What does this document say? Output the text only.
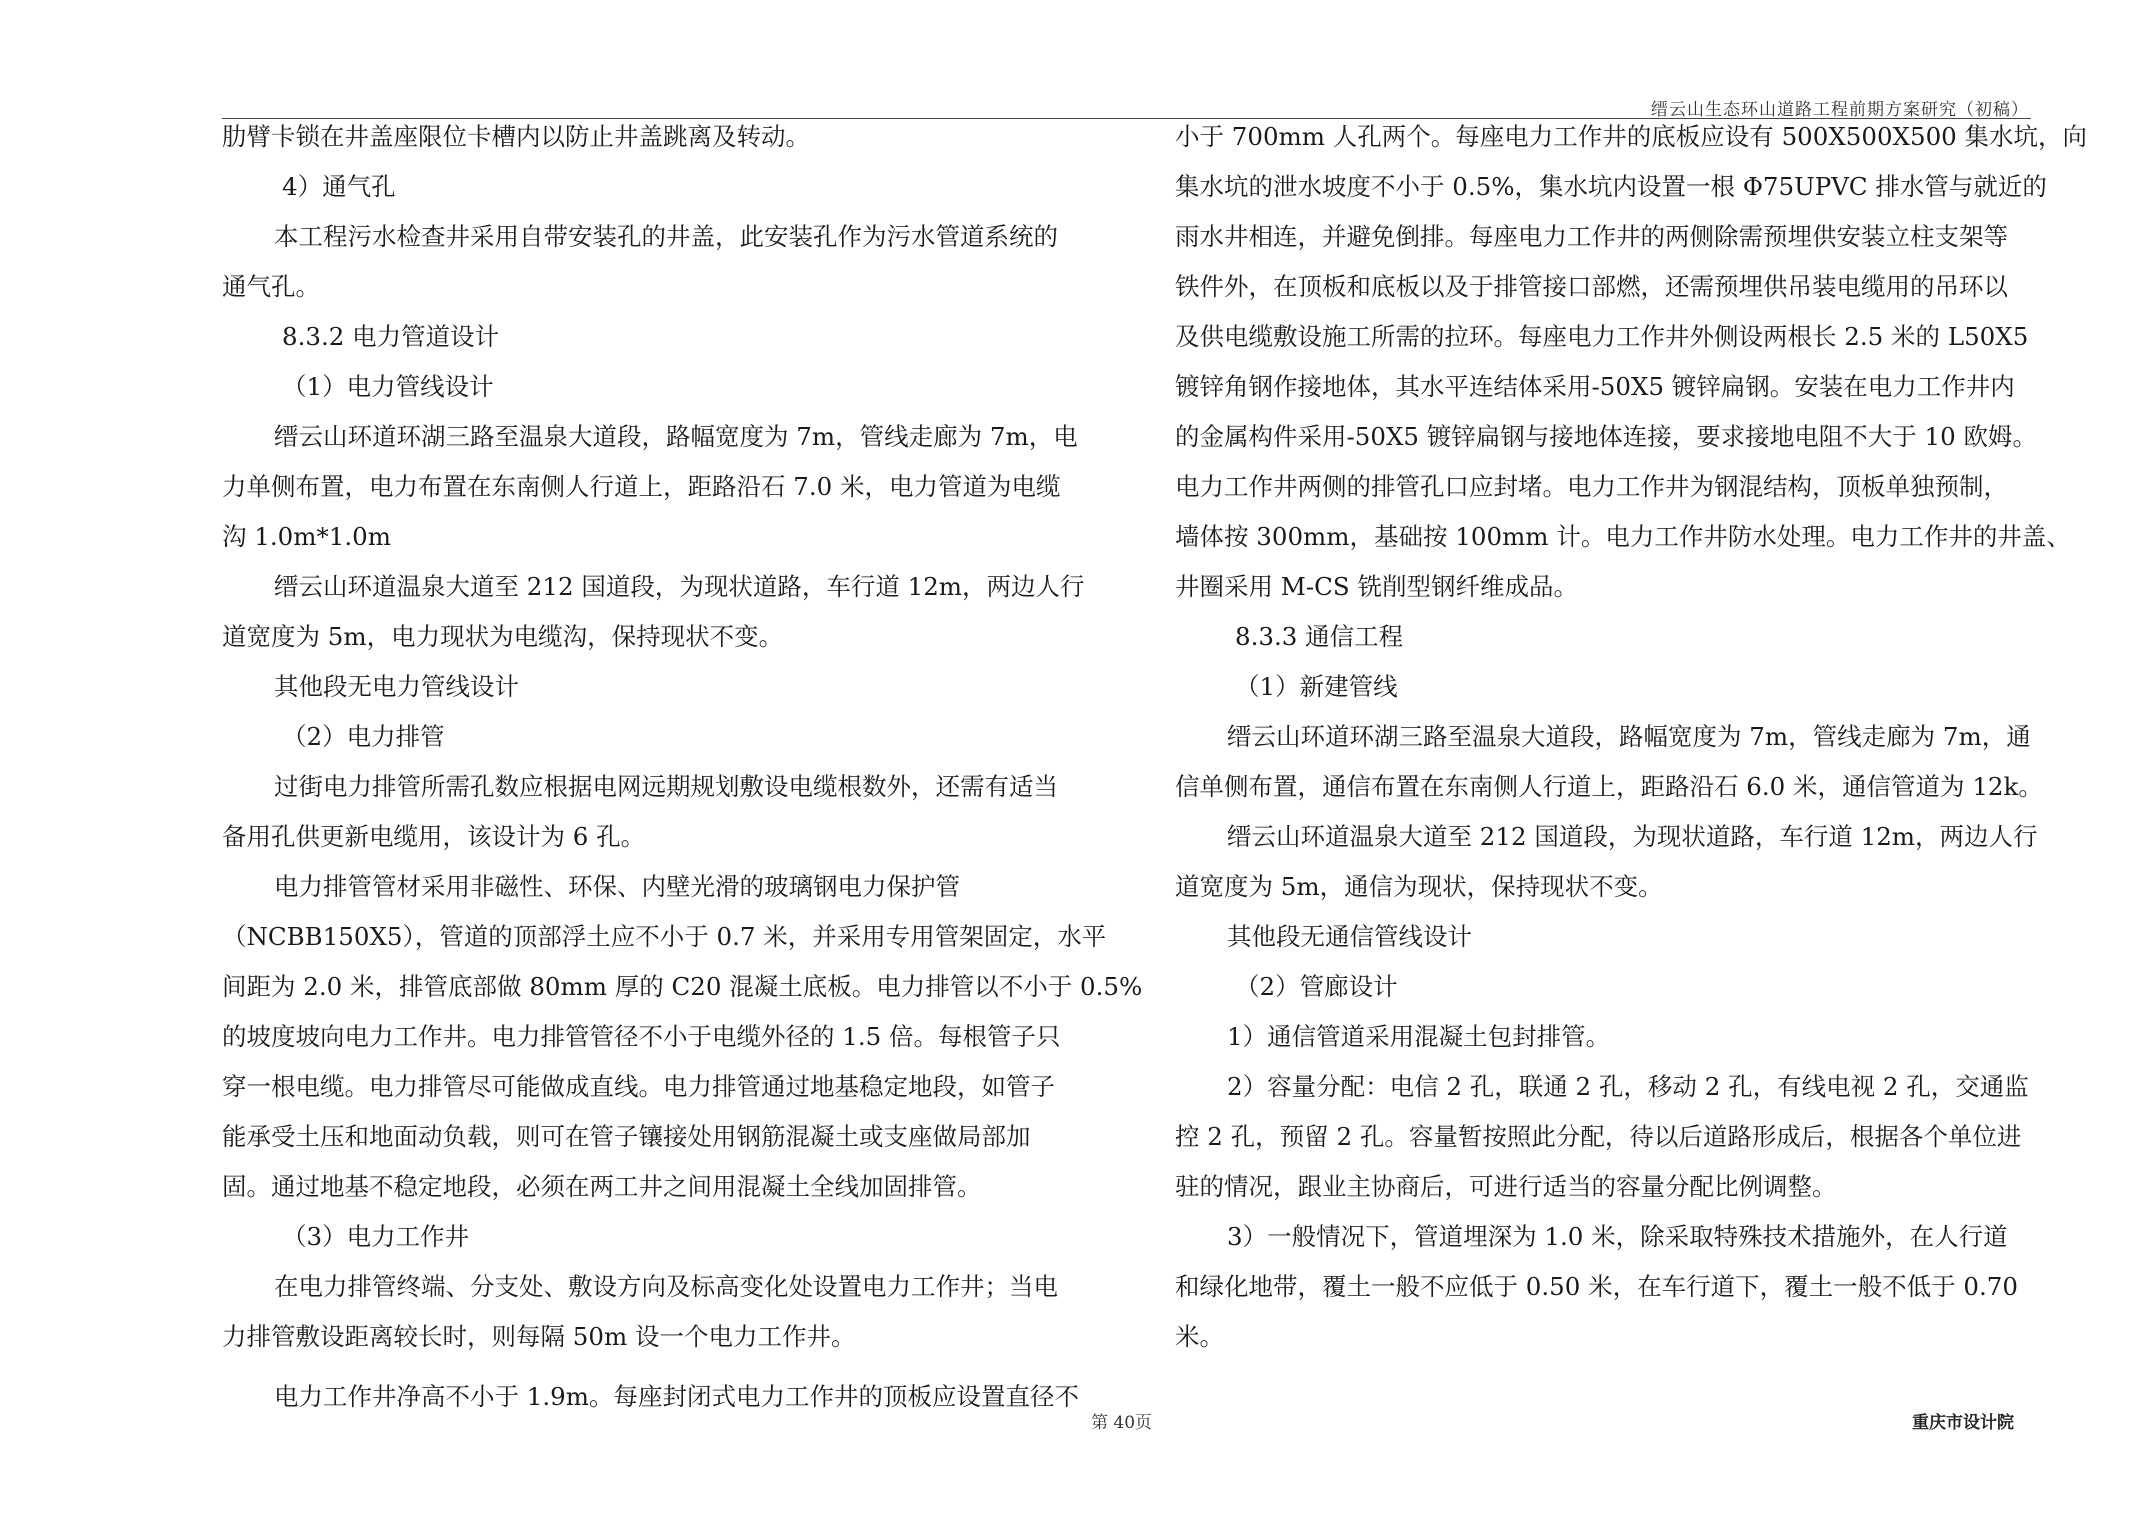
缙云山生态环山道路工程前期方案研究（初稿）

肋臂卡锁在井盖座限位卡槽内以防止井盖跳离及转动。

4）通气孔

本工程污水检查井采用自带安装孔的井盖，此安装孔作为污水管道系统的

通气孔。

8.3.2 电力管道设计

（1）电力管线设计

缙云山环道环湖三路至温泉大道段，路幅宽度为 7m，管线走廊为 7m，电

力单侧布置，电力布置在东南侧人行道上，距路沿石 7.0 米，电力管道为电缆

沟 1.0m*1.0m

缙云山环道温泉大道至 212 国道段，为现状道路，车行道 12m，两边人行

道宽度为 5m，电力现状为电缆沟，保持现状不变。

其他段无电力管线设计

（2）电力排管

过街电力排管所需孔数应根据电网远期规划敷设电缆根数外，还需有适当

备用孔供更新电缆用，该设计为 6 孔。

电力排管管材采用非磁性、环保、内壁光滑的玻璃钢电力保护管

（NCBB150X5），管道的顶部浮土应不小于 0.7 米，并采用专用管架固定，水平

间距为 2.0 米，排管底部做 80mm 厚的 C20 混凝土底板。电力排管以不小于 0.5%

的坡度坡向电力工作井。电力排管管径不小于电缆外径的 1.5 倍。每根管子只

穿一根电缆。电力排管尽可能做成直线。电力排管通过地基稳定地段，如管子

能承受土压和地面动负载，则可在管子镶接处用钢筋混凝土或支座做局部加

固。通过地基不稳定地段，必须在两工井之间用混凝土全线加固排管。

（3）电力工作井

在电力排管终端、分支处、敷设方向及标高变化处设置电力工作井；当电

力排管敷设距离较长时，则每隔 50m 设一个电力工作井。

电力工作井净高不小于 1.9m。每座封闭式电力工作井的顶板应设置直径不

小于 700mm 人孔两个。每座电力工作井的底板应设有 500X500X500 集水坑，向

集水坑的泄水坡度不小于 0.5%，集水坑内设置一根 Φ75UPVC 排水管与就近的

雨水井相连，并避免倒排。每座电力工作井的两侧除需预埋供安装立柱支架等

铁件外，在顶板和底板以及于排管接口部燃，还需预埋供吊装电缆用的吊环以

及供电缆敷设施工所需的拉环。每座电力工作井外侧设两根长 2.5 米的 L50X5

镀锌角钢作接地体，其水平连结体采用-50X5 镀锌扁钢。安装在电力工作井内

的金属构件采用-50X5 镀锌扁钢与接地体连接，要求接地电阻不大于 10 欧姆。

电力工作井两侧的排管孔口应封堵。电力工作井为钢混结构，顶板单独预制，

墙体按 300mm，基础按 100mm 计。电力工作井防水处理。电力工作井的井盖、

井圈采用 M-CS 铣削型钢纤维成品。

8.3.3 通信工程

（1）新建管线

缙云山环道环湖三路至温泉大道段，路幅宽度为 7m，管线走廊为 7m，通

信单侧布置，通信布置在东南侧人行道上，距路沿石 6.0 米，通信管道为 12k。

缙云山环道温泉大道至 212 国道段，为现状道路，车行道 12m，两边人行

道宽度为 5m，通信为现状，保持现状不变。

其他段无通信管线设计

（2）管廊设计

1）通信管道采用混凝土包封排管。

2）容量分配：电信 2 孔，联通 2 孔，移动 2 孔，有线电视 2 孔，交通监

控 2 孔，预留 2 孔。容量暂按照此分配，待以后道路形成后，根据各个单位进

驻的情况，跟业主协商后，可进行适当的容量分配比例调整。

3）一般情况下，管道埋深为 1.0 米，除采取特殊技术措施外，在人行道

和绿化地带，覆土一般不应低于 0.50 米，在车行道下，覆土一般不低于 0.70

米。

第 40页	重庆市设计院
